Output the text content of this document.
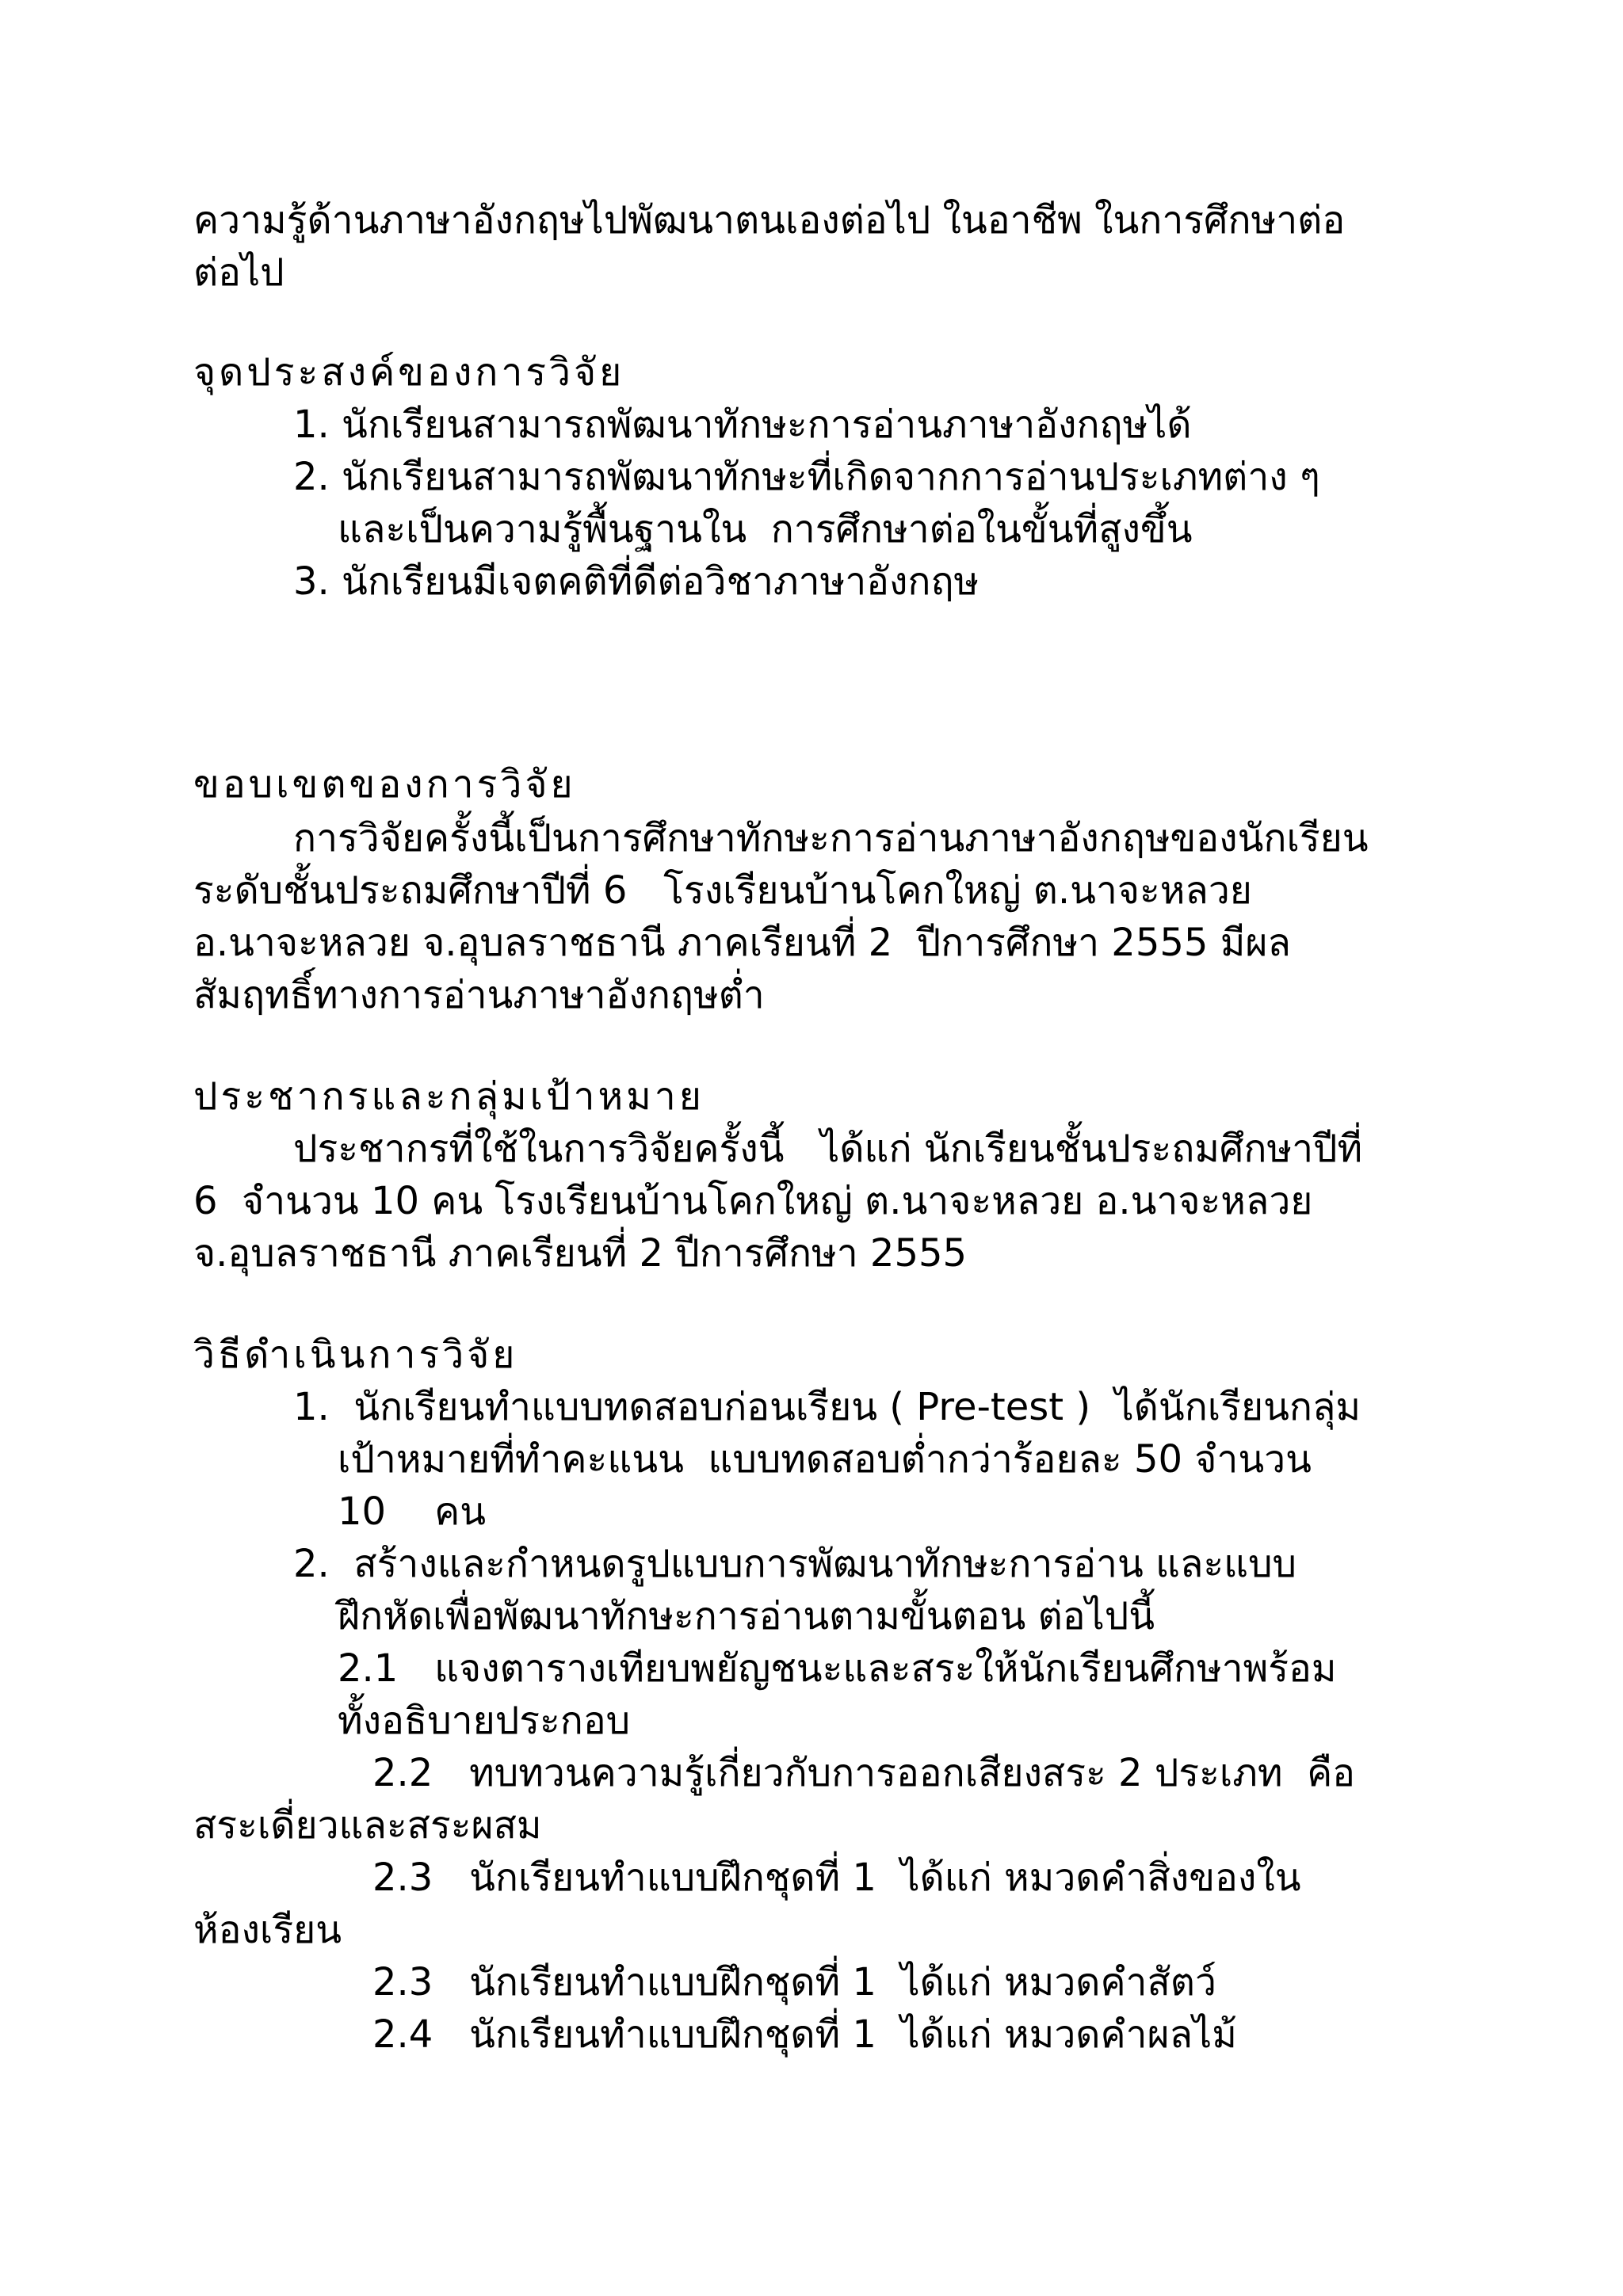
ความรู้ด้านภาษาอังกฤษไปพัฒนาตนเองต่อไป ในอาชีพ ในการศึกษาต่อ
ต่อไป
จุดประสงค์ของการวิจัย
1. นักเรียนสามารถพัฒนาทักษะการอ่านภาษาอังกฤษได้
2. นักเรียนสามารถพัฒนาทักษะที่เกิดจากการอ่านประเภทต่าง ๆ
และเป็นความรู้พื้นฐานใน  การศึกษาต่อในขั้นที่สูงขึ้น
3. นักเรียนมีเจตคติที่ดีต่อวิชาภาษาอังกฤษ
ขอบเขตของการวิจัย
การวิจัยครั้งนี้เป็นการศึกษาทักษะการอ่านภาษาอังกฤษของนักเรียน
ระดับชั้นประถมศึกษาปีที่ 6   โรงเรียนบ้านโคกใหญ่ ต.นาจะหลวย
อ.นาจะหลวย จ.อุบลราชธานี ภาคเรียนที่ 2  ปีการศึกษา 2555 มีผล
สัมฤทธิ์ทางการอ่านภาษาอังกฤษต่ำ
ประชากรและกลุ่มเป้าหมาย
ประชากรที่ใช้ในการวิจัยครั้งนี้   ได้แก่ นักเรียนชั้นประถมศึกษาปีที่
6  จำนวน 10 คน โรงเรียนบ้านโคกใหญ่ ต.นาจะหลวย อ.นาจะหลวย
จ.อุบลราชธานี ภาคเรียนที่ 2 ปีการศึกษา 2555
วิธีดำเนินการวิจัย
1.  นักเรียนทำแบบทดสอบก่อนเรียน ( Pre-test )  ได้นักเรียนกลุ่ม
เป้าหมายที่ทำคะแนน  แบบทดสอบต่ำกว่าร้อยละ 50 จำนวน
10    คน
2.  สร้างและกำหนดรูปแบบการพัฒนาทักษะการอ่าน และแบบ
ฝึกหัดเพื่อพัฒนาทักษะการอ่านตามขั้นตอน ต่อไปนี้
2.1   แจงตารางเทียบพยัญชนะและสระให้นักเรียนศึกษาพร้อม
ทั้งอธิบายประกอบ
2.2   ทบทวนความรู้เกี่ยวกับการออกเสียงสระ 2 ประเภท  คือ
สระเดี่ยวและสระผสม
2.3   นักเรียนทำแบบฝึกชุดที่ 1  ได้แก่ หมวดคำสิ่งของใน
ห้องเรียน
2.3   นักเรียนทำแบบฝึกชุดที่ 1  ได้แก่ หมวดคำสัตว์
2.4   นักเรียนทำแบบฝึกชุดที่ 1  ได้แก่ หมวดคำผลไม้
